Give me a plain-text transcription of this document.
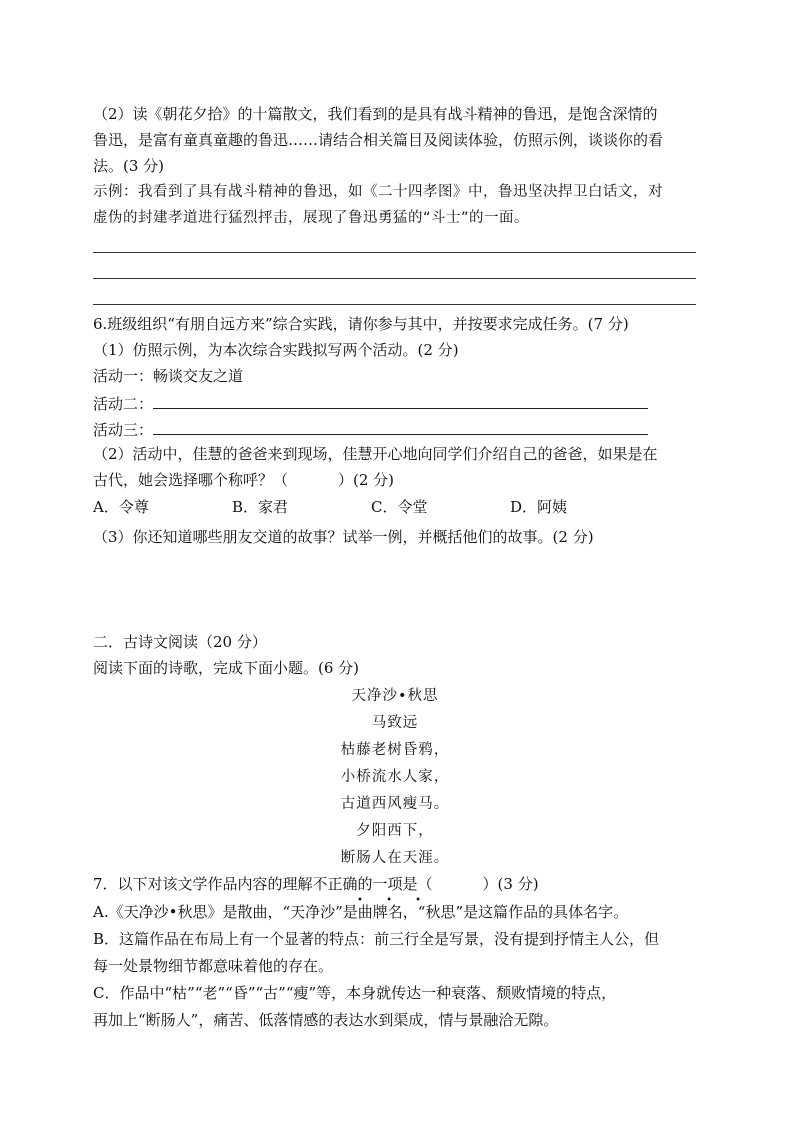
（2）读《朝花夕拾》的十篇散文，我们看到的是具有战斗精神的鲁迅，是饱含深情的
鲁迅，是富有童真童趣的鲁迅……请结合相关篇目及阅读体验，仿照示例，谈谈你的看
法。(3 分)
示例：我看到了具有战斗精神的鲁迅，如《二十四孝图》中，鲁迅坚决捍卫白话文，对
虚伪的封建孝道进行猛烈抨击，展现了鲁迅勇猛的“斗士”的一面。
6.班级组织“有朋自远方来”综合实践，请你参与其中，并按要求完成任务。(7 分)
（1）仿照示例，为本次综合实践拟写两个活动。(2 分)
活动一：畅谈交友之道
活动二：
活动三：
（2）活动中，佳慧的爸爸来到现场，佳慧开心地向同学们介绍自己的爸爸，如果是在
古代，她会选择哪个称呼？（	）(2 分)
A．令尊	B．家君	C．令堂	D．阿姨
（3）你还知道哪些朋友交道的故事？试举一例，并概括他们的故事。(2 分)
二．古诗文阅读（20 分）
阅读下面的诗歌，完成下面小题。(6 分)
天净沙•秋思
马致远
枯藤老树昏鸦，
小桥流水人家，
古道西风瘦马。
夕阳西下，
断肠人在天涯。
7．以下对该文学作品内容的理解不正确的一项是（	）(3 分)
• • •
A.《天净沙•秋思》是散曲，“天净沙”是曲牌名，“秋思”是这篇作品的具体名字。
B．这篇作品在布局上有一个显著的特点：前三行全是写景，没有提到抒情主人公，但
每一处景物细节都意味着他的存在。
C．作品中“枯”“老”“昏”“古”“瘦”等，本身就传达一种衰落、颓败情境的特点，
再加上“断肠人”，痛苦、低落情感的表达水到渠成，情与景融洽无隙。
